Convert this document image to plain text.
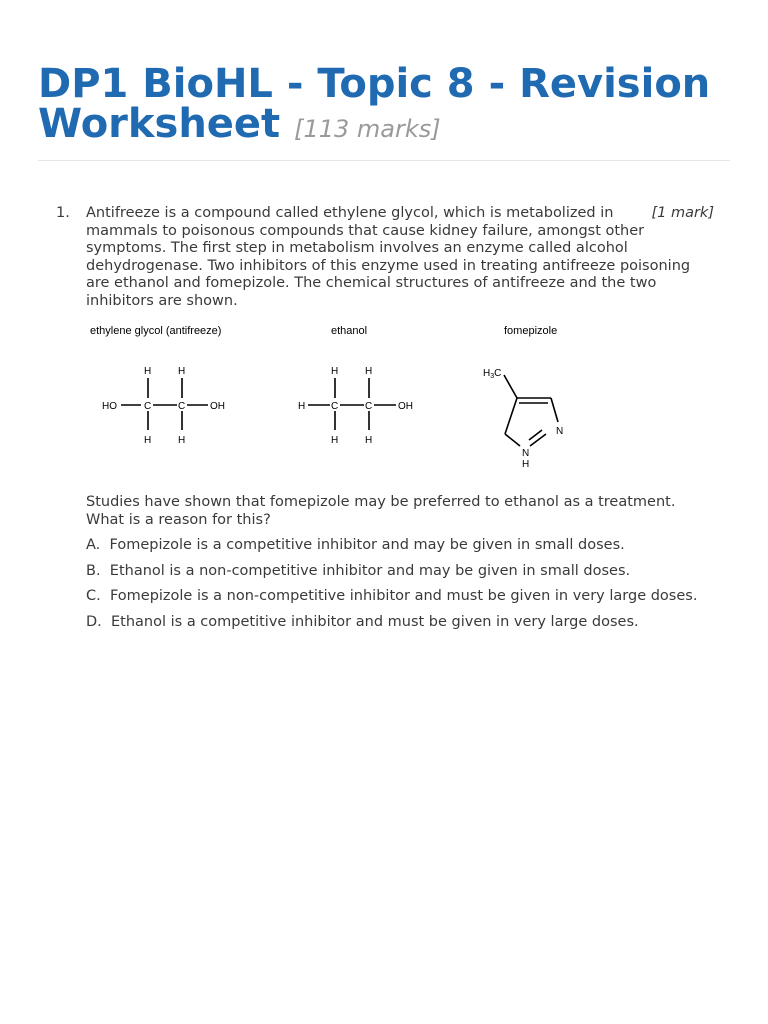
DP1 BioHL - Topic 8 - Revision Worksheet [113 marks]
1.	[1 mark]
Antifreeze is a compound called ethylene glycol, which is metabolized in mammals to poisonous compounds that cause kidney failure, amongst other symptoms. The first step in metabolism involves an enzyme called alcohol dehydrogenase. Two inhibitors of this enzyme used in treating antifreeze poisoning are ethanol and fomepizole. The chemical structures of antifreeze and the two inhibitors are shown.

ethylene glycol (antifreeze)	ethanol	fomepizole
HO	C	C OH
H	H
H	H
H	C	C	OH
H	H
H	H
$H_3C$
N
N
H

Studies have shown that fomepizole may be preferred to ethanol as a treatment. What is a reason for this?

A. Fomepizole is a competitive inhibitor and may be given in small doses.
B. Ethanol is a non-competitive inhibitor and may be given in small doses.
C. Fomepizole is a non-competitive inhibitor and must be given in very large doses.
D. Ethanol is a competitive inhibitor and must be given in very large doses.
